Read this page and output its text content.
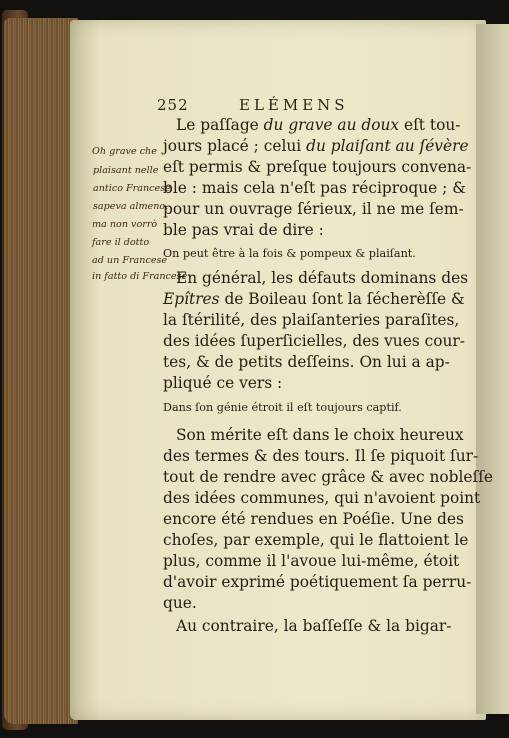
252	ELÉMENS
Oh grave che
plaisant nelle
antico Francese
sapeva almeno,
ma non vorrò
fare il dotto
ad un Francese
in fatto di Francese
Le paſſage du grave au doux eſt tou-
jours placé ; celui du plaiſant au ſévère
eſt permis & preſque toujours convena-
ble : mais cela n'eſt pas réciproque ; &
pour un ouvrage ſérieux, il ne me ſem-
ble pas vrai de dire :
On peut être à la fois & pompeux & plaiſant.
En général, les défauts dominans des
Epîtres de Boileau ſont la ſécherèſſe &
la ſtérilité, des plaiſanteries paraſites,
des idées ſuperſicielles, des vues cour-
tes, & de petits deſſeins. On lui a ap-
pliqué ce vers :
Dans ſon génie étroit il eſt toujours captif.
Son mérite eſt dans le choix heureux
des termes & des tours. Il ſe piquoit ſur-
tout de rendre avec grâce & avec nobleſſe
des idées communes, qui n'avoient point
encore été rendues en Poéſie. Une des
choſes, par exemple, qui le flattoient le
plus, comme il l'avoue lui-même, étoit
d'avoir exprimé poétiquement ſa perru-
que.
Au contraire, la baſſeſſe & la bigar-
